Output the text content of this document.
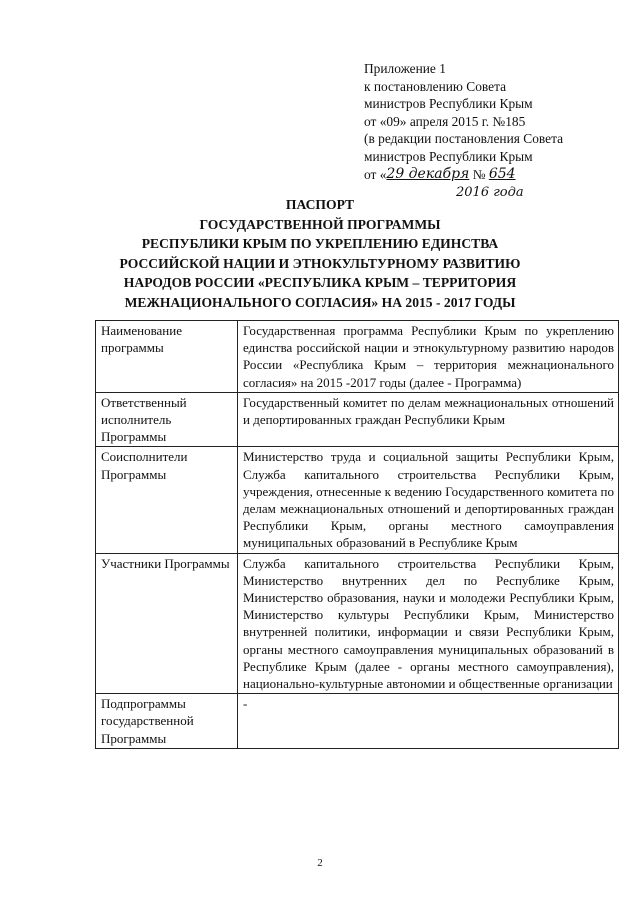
Приложение 1
к постановлению Совета
министров Республики Крым
от «09» апреля 2015 г. №185
(в редакции постановления Совета
министров Республики Крым
от «29 декабря № 654
2016 года
ПАСПОРТ
ГОСУДАРСТВЕННОЙ ПРОГРАММЫ
РЕСПУБЛИКИ КРЫМ ПО УКРЕПЛЕНИЮ ЕДИНСТВА
РОССИЙСКОЙ НАЦИИ И ЭТНОКУЛЬТУРНОМУ РАЗВИТИЮ
НАРОДОВ РОССИИ «РЕСПУБЛИКА КРЫМ – ТЕРРИТОРИЯ
МЕЖНАЦИОНАЛЬНОГО СОГЛАСИЯ» НА 2015 - 2017 ГОДЫ
Наименование программы	Государственная программа Республики Крым по укреплению единства российской нации и этнокультурному развитию народов России «Республика Крым – территория межнационального согласия» на 2015 -2017 годы (далее - Программа)
Ответственный исполнитель Программы	Государственный комитет по делам межнациональных отношений и депортированных граждан Республики Крым
Соисполнители Программы	Министерство труда и социальной защиты Республики Крым, Служба капитального строительства Республики Крым, учреждения, отнесенные к ведению Государственного комитета по делам межнациональных отношений и депортированных граждан Республики Крым, органы местного самоуправления муниципальных образований в Республике Крым
Участники Программы	Служба капитального строительства Республики Крым, Министерство внутренних дел по Республике Крым, Министерство образования, науки и молодежи Республики Крым, Министерство культуры Республики Крым, Министерство внутренней политики, информации и связи Республики Крым, органы местного самоуправления муниципальных образований в Республике Крым (далее - органы местного самоуправления), национально-культурные автономии и общественные организации
Подпрограммы государственной Программы	-
2
